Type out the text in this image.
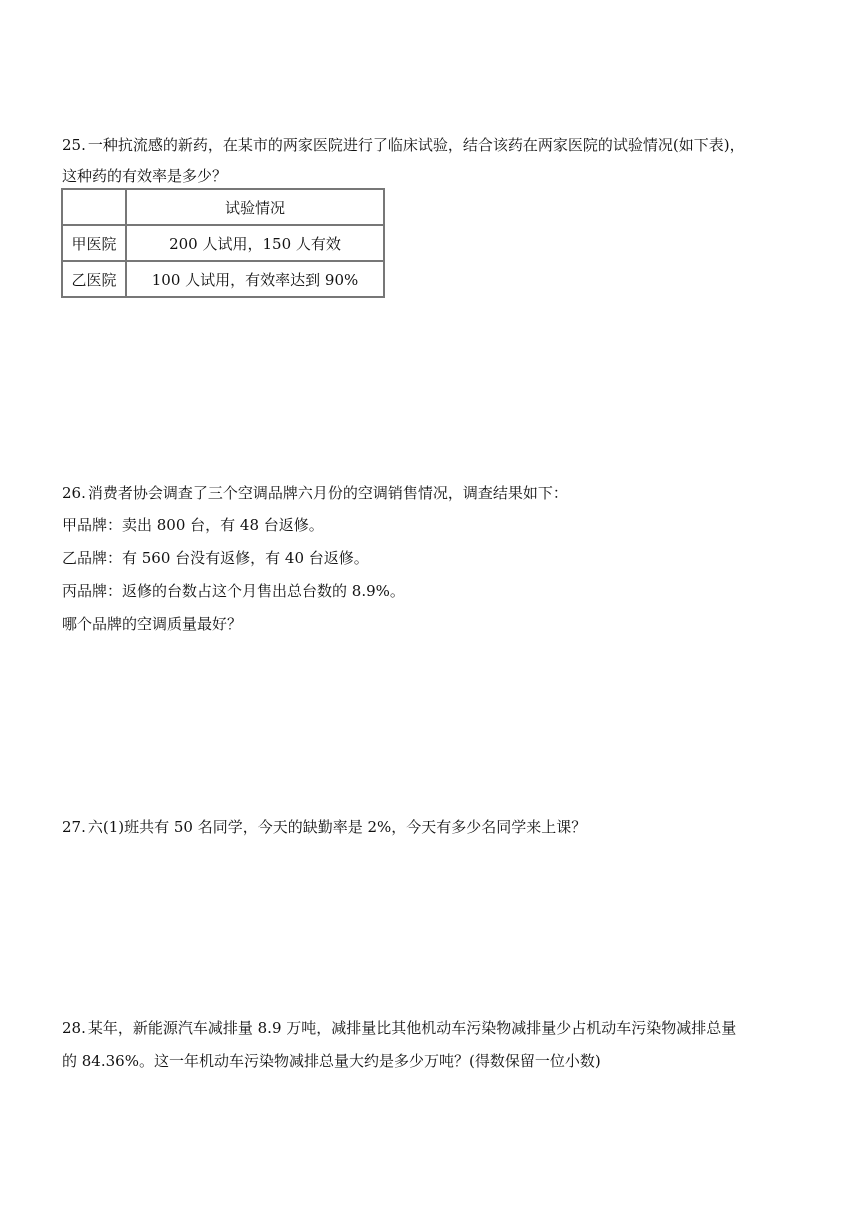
25. 一种抗流感的新药，在某市的两家医院进行了临床试验，结合该药在两家医院的试验情况(如下表)，
这种药的有效率是多少？
	试验情况
甲医院	200 人试用，150 人有效
乙医院	100 人试用，有效率达到 90%
26. 消费者协会调查了三个空调品牌六月份的空调销售情况，调查结果如下：
甲品牌：卖出 800 台，有 48 台返修。
乙品牌：有 560 台没有返修，有 40 台返修。
丙品牌：返修的台数占这个月售出总台数的 8.9%。
哪个品牌的空调质量最好？
27. 六(1)班共有 50 名同学，今天的缺勤率是 2%，今天有多少名同学来上课？
28. 某年，新能源汽车减排量 8.9 万吨，减排量比其他机动车污染物减排量少占机动车污染物减排总量
的 84.36%。这一年机动车污染物减排总量大约是多少万吨？(得数保留一位小数)
